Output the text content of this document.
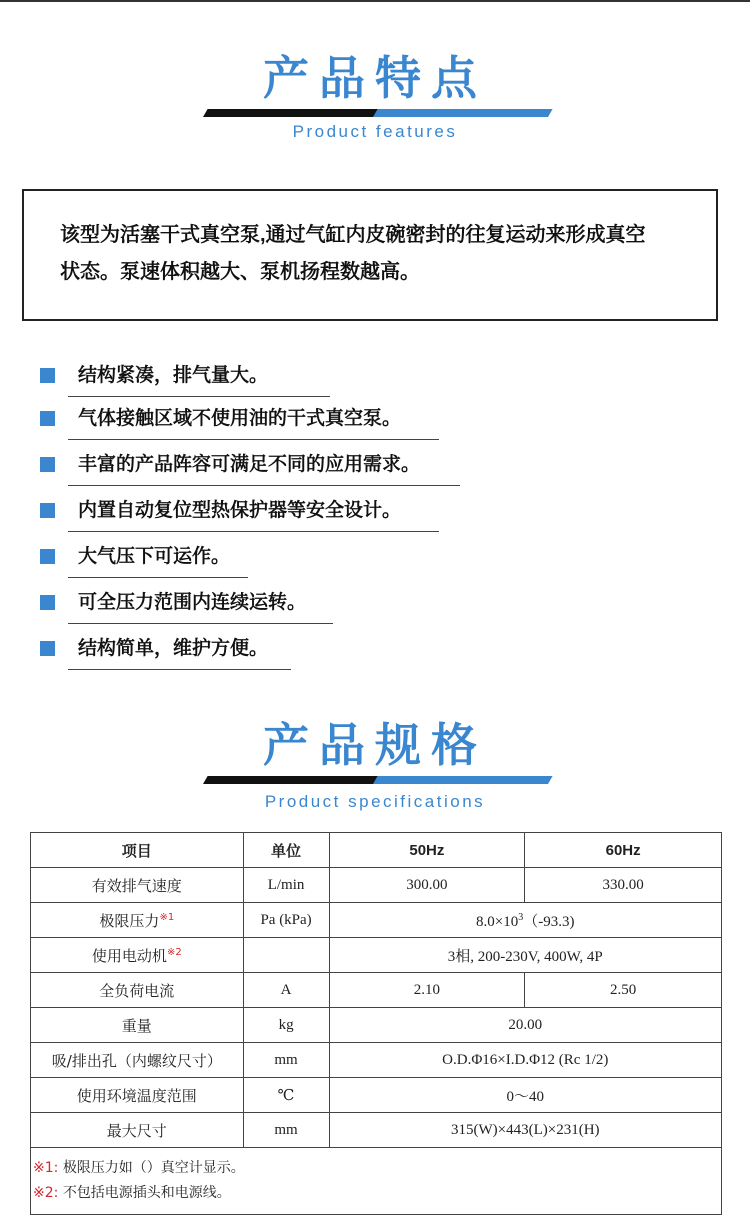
产品特点
Product features

该型为活塞干式真空泵,通过气缸内皮碗密封的往复运动来形成真空

状态。泵速体积越大、泵机扬程数越高。

结构紧凑，排气量大。
气体接触区域不使用油的干式真空泵。
丰富的产品阵容可满足不同的应用需求。
内置自动复位型热保护器等安全设计。
大气压下可运作。
可全压力范围内连续运转。
结构简单，维护方便。
产品规格
Product specifications
项目	单位	50Hz	60Hz
有效排气速度	L/min	300.00	330.00
极限压力$^{※1}$	Pa (kPa)	$8.0\times 10^3(-93.3)$	
使用电动机$^{※2}$		3相, 200-230V, 400W, 4P	
全负荷电流	A	2.10	2.50
重量	kg	20.00	
吸/排出孔（内螺纹尺寸）	mm	O.D.Φ16×I.D.Φ12 (Rc 1/2)	
使用环境温度范围	℃	0～40	
最大尺寸	mm	315(W)×443(L)×231(H)	

※1: 极限压力如（）真空计显示。
※2: 不包括电源插头和电源线。			
